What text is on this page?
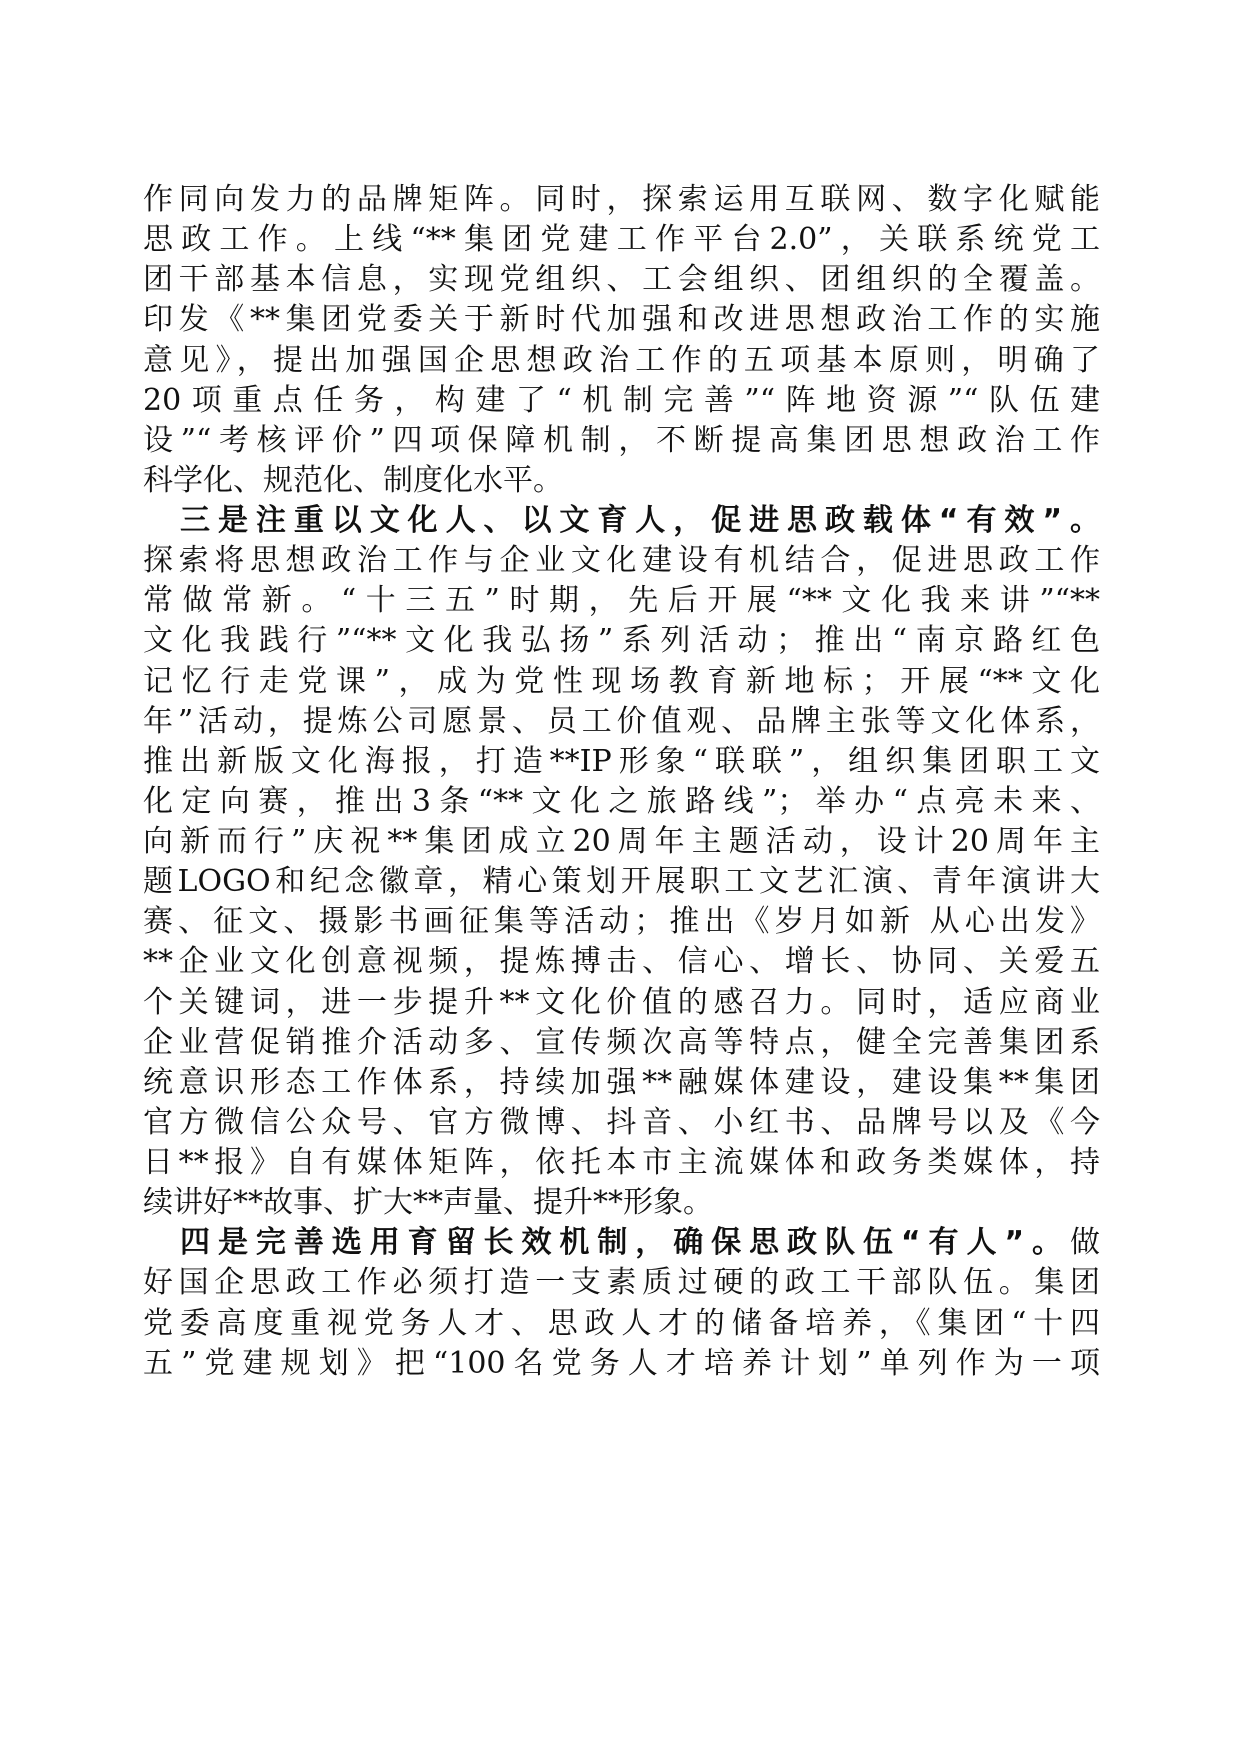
作同向发力的品牌矩阵。同时，探索运用互联网、数字化赋能
思政工作。上线“**集团党建工作平台2.0”，关联系统党工
团干部基本信息，实现党组织、工会组织、团组织的全覆盖。
印发《**集团党委关于新时代加强和改进思想政治工作的实施
意见》，提出加强国企思想政治工作的五项基本原则，明确了
20项重点任务，构建了“机制完善”“阵地资源”“队伍建
设”“考核评价”四项保障机制，不断提高集团思想政治工作
科学化、规范化、制度化水平。
三是注重以文化人、以文育人，促进思政载体“有效”。
探索将思想政治工作与企业文化建设有机结合，促进思政工作
常做常新。“十三五”时期，先后开展“**文化我来讲”“**
文化我践行”“**文化我弘扬”系列活动；推出“南京路红色
记忆行走党课”，成为党性现场教育新地标；开展“**文化
年”活动，提炼公司愿景、员工价值观、品牌主张等文化体系，
推出新版文化海报，打造**IP形象“联联”，组织集团职工文
化定向赛，推出3条“**文化之旅路线”；举办“点亮未来、
向新而行”庆祝**集团成立20周年主题活动，设计20周年主
题LOGO和纪念徽章，精心策划开展职工文艺汇演、青年演讲大
赛、征文、摄影书画征集等活动；推出《岁月如新 从心出发》
**企业文化创意视频，提炼搏击、信心、增长、协同、关爱五
个关键词，进一步提升**文化价值的感召力。同时，适应商业
企业营促销推介活动多、宣传频次高等特点，健全完善集团系
统意识形态工作体系，持续加强**融媒体建设，建设集**集团
官方微信公众号、官方微博、抖音、小红书、品牌号以及《今
日**报》自有媒体矩阵，依托本市主流媒体和政务类媒体，持
续讲好**故事、扩大**声量、提升**形象。
四是完善选用育留长效机制，确保思政队伍“有人”。做
好国企思政工作必须打造一支素质过硬的政工干部队伍。集团
党委高度重视党务人才、思政人才的储备培养，《集团“十四
五”党建规划》把“100名党务人才培养计划”单列作为一项
